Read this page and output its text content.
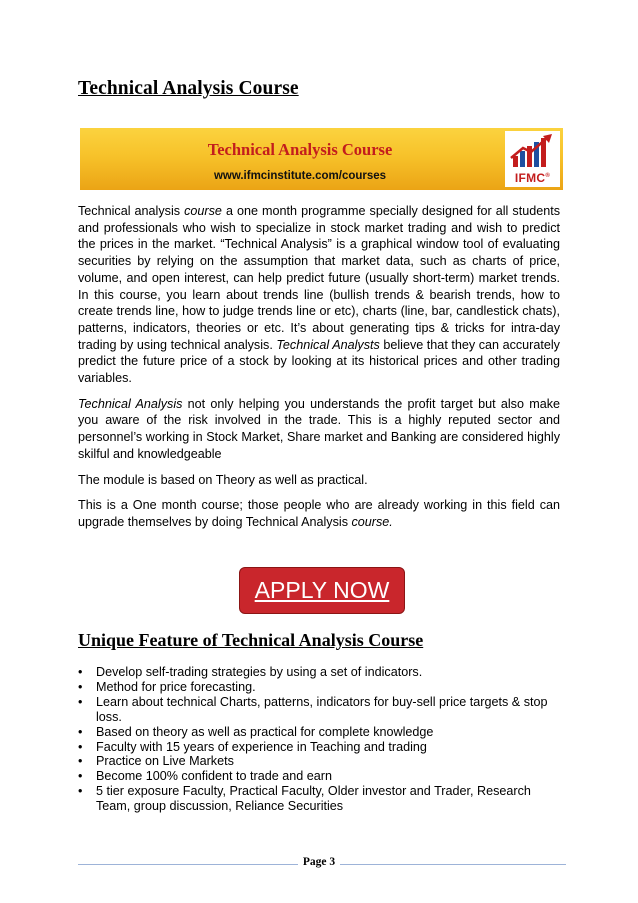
Technical Analysis Course
Technical Analysis Course
www.ifmcinstitute.com/courses	IFMC®

Technical analysis course a one month programme specially designed for all students and professionals who wish to specialize in stock market trading and wish to predict the prices in the market. “Technical Analysis” is a graphical window tool of evaluating securities by relying on the assumption that market data, such as charts of price, volume, and open interest, can help predict future (usually short-term) market trends. In this course, you learn about trends line (bullish trends & bearish trends, how to create trends line, how to judge trends line or etc), charts (line, bar, candlestick chats), patterns, indicators, theories or etc. It’s about generating tips & tricks for intra-day trading by using technical analysis. Technical Analysts believe that they can accurately predict the future price of a stock by looking at its historical prices and other trading variables.

Technical Analysis not only helping you understands the profit target but also make you aware of the risk involved in the trade. This is a highly reputed sector and personnel’s working in Stock Market, Share market and Banking are considered highly skilful and knowledgeable

The module is based on Theory as well as practical.

This is a One month course; those people who are already working in this field can upgrade themselves by doing Technical Analysis course.

APPLY NOW
Unique Feature of Technical Analysis Course
• Develop self-trading strategies by using a set of indicators.
• Method for price forecasting.
• Learn about technical Charts, patterns, indicators for buy-sell price targets & stop loss.
• Based on theory as well as practical for complete knowledge
• Faculty with 15 years of experience in Teaching and trading
• Practice on Live Markets
• Become 100% confident to trade and earn
• 5 tier exposure Faculty, Practical Faculty, Older investor and Trader, Research Team, group discussion, Reliance Securities
Page 3
